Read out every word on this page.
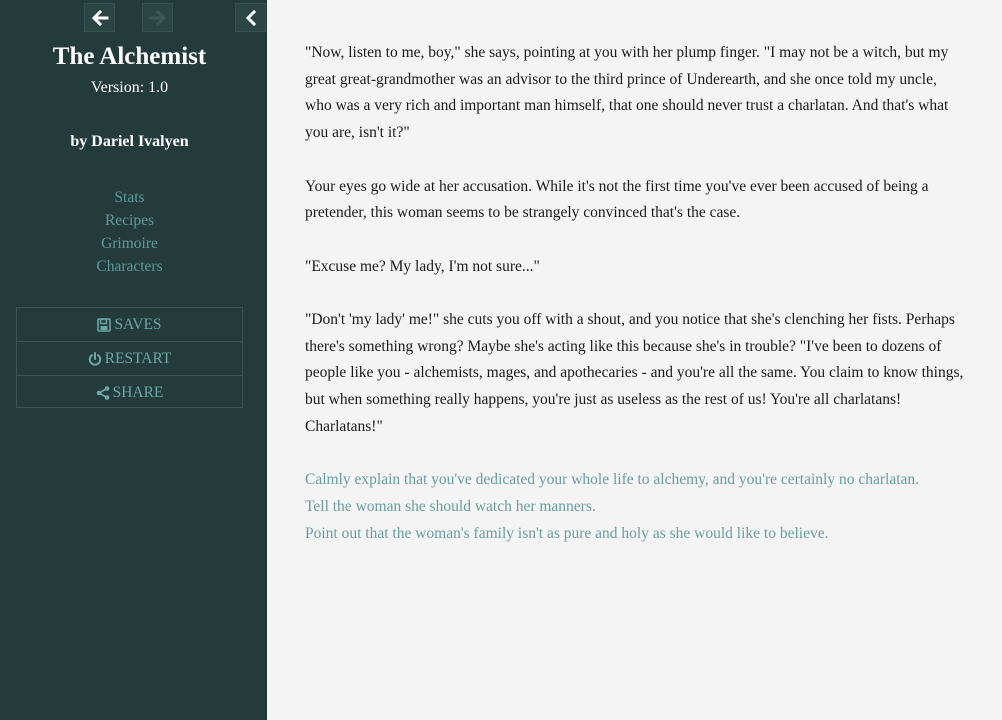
The Alchemist
Version: 1.0
by Dariel Ivalyen
Stats
Recipes
Grimoire
Characters
SAVES
RESTART
SHARE

"Now, listen to me, boy," she says, pointing at you with her plump finger. "I may not be a witch, but my great great-grandmother was an advisor to the third prince of Underearth, and she once told my uncle, who was a very rich and important man himself, that one should never trust a charlatan. And that's what you are, isn't it?"

Your eyes go wide at her accusation. While it's not the first time you've ever been accused of being a pretender, this woman seems to be strangely convinced that's the case.

"Excuse me? My lady, I'm not sure..."

"Don't 'my lady' me!" she cuts you off with a shout, and you notice that she's clenching her fists. Perhaps there's something wrong? Maybe she's acting like this because she's in trouble? "I've been to dozens of people like you - alchemists, mages, and apothecaries - and you're all the same. You claim to know things, but when something really happens, you're just as useless as the rest of us! You're all charlatans! Charlatans!"

Calmly explain that you've dedicated your whole life to alchemy, and you're certainly no charlatan.
Tell the woman she should watch her manners.
Point out that the woman's family isn't as pure and holy as she would like to believe.
